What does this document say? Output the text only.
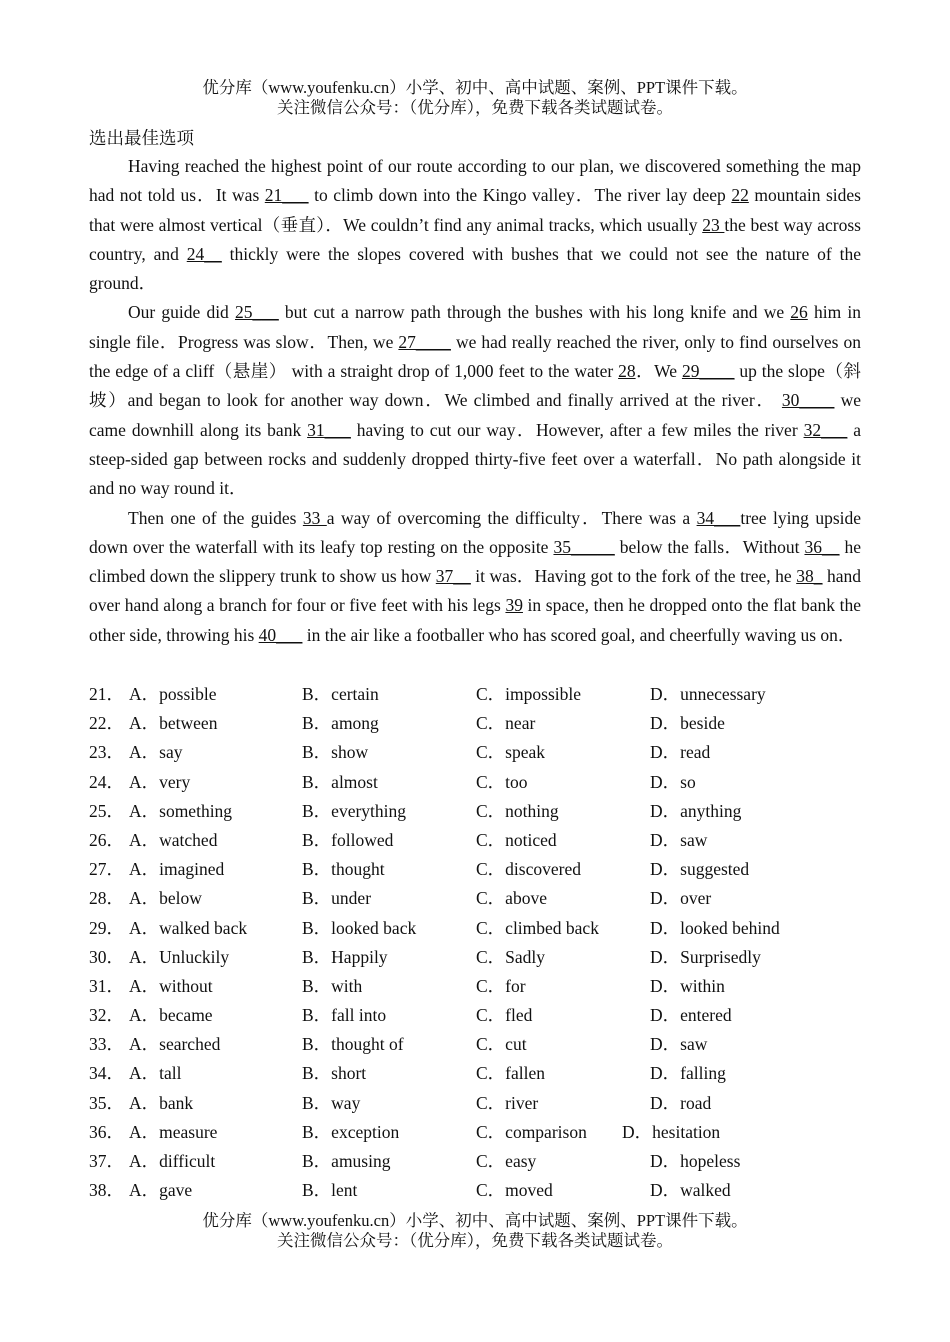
优分库（www.youfenku.cn）小学、初中、高中试题、案例、PPT课件下载。
关注微信公众号：（优分库），免费下载各类试题试卷。
选出最佳选项

Having reached the highest point of our route according to our plan, we discovered something the map had not told us．It was 21___ to climb down into the Kingo valley．The river lay deep 22 mountain sides that were almost vertical（垂直）．We couldn’t find any animal tracks, which usually 23 the best way across country, and 24__ thickly were the slopes covered with bushes that we could not see the nature of the ground．

Our guide did 25___ but cut a narrow path through the bushes with his long knife and we 26 him in single file．Progress was slow．Then, we 27____ we had really reached the river, only to find ourselves on the edge of a cliff（悬崖） with a straight drop of 1,000 feet to the water 28．We 29____ up the slope（斜坡）and began to look for another way down．We climbed and finally arrived at the river． 30____ we came downhill along its bank 31___ having to cut our way．However, after a few miles the river 32___ a steep-sided gap between rocks and suddenly dropped thirty-five feet over a waterfall．No path alongside it and no way round it．

Then one of the guides 33 a way of overcoming the difficulty．There was a 34___tree lying upside down over the waterfall with its leafy top resting on the opposite 35_____ below the falls．Without 36__ he climbed down the slippery trunk to show us how 37__ it was．Having got to the fork of the tree, he 38_ hand over hand along a branch for four or five feet with his legs 39 in space, then he dropped onto the flat bank the other side, throwing his 40___ in the air like a footballer who has scored goal, and cheerfully waving us on．

21． A．possible	B．certain	C．impossible	D．unnecessary
22． A．between	B．among	C．near	D．beside
23． A．say	B．show	C．speak	D．read
24． A．very	B．almost	C．too	D．so
25． A．something	B．everything	C．nothing	D．anything
26． A．watched	B．followed	C．noticed	D．saw
27． A．imagined	B．thought	C．discovered	D．suggested
28． A．below	B．under	C．above	D．over
29． A．walked back	B．looked back	C．climbed back	D．looked behind
30． A．Unluckily	B．Happily	C．Sadly	D．Surprisedly
31． A．without	B．with	C．for	D．within
32． A．became	B．fall into	C．fled	D．entered
33． A．searched	B．thought of	C．cut	D．saw
34． A．tall	B．short	C．fallen	D．falling
35． A．bank	B．way	C．river	D．road
36． A．measure	B．exception	C．comparison D．hesitation
37． A．difficult	B．amusing	C．easy	D．hopeless
38． A．gave	B．lent	C．moved	D．walked
优分库（www.youfenku.cn）小学、初中、高中试题、案例、PPT课件下载。
关注微信公众号：（优分库），免费下载各类试题试卷。
